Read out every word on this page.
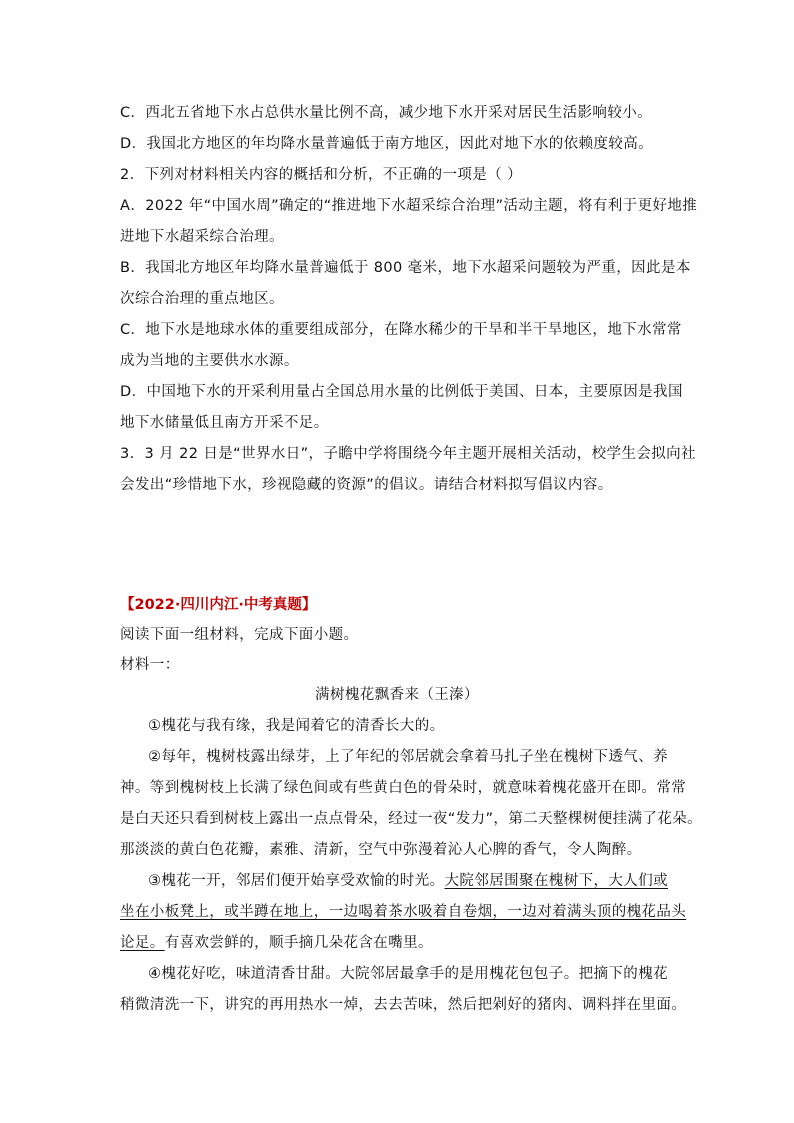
C．西北五省地下水占总供水量比例不高，减少地下水开采对居民生活影响较小。
D．我国北方地区的年均降水量普遍低于南方地区，因此对地下水的依赖度较高。
2．下列对材料相关内容的概括和分析，不正确的一项是（ ）
A．2022 年“中国水周”确定的“推进地下水超采综合治理”活动主题，将有利于更好地推
进地下水超采综合治理。
B．我国北方地区年均降水量普遍低于 800 毫米，地下水超采问题较为严重，因此是本
次综合治理的重点地区。
C．地下水是地球水体的重要组成部分，在降水稀少的干旱和半干旱地区，地下水常常
成为当地的主要供水水源。
D．中国地下水的开采利用量占全国总用水量的比例低于美国、日本，主要原因是我国
地下水储量低且南方开采不足。
3．3 月 22 日是“世界水日”，子瞻中学将围绕今年主题开展相关活动，校学生会拟向社
会发出“珍惜地下水，珍视隐藏的资源”的倡议。请结合材料拟写倡议内容。
【2022·四川内江·中考真题】
阅读下面一组材料，完成下面小题。
材料一：
满树槐花飘香来（王溱）
①槐花与我有缘，我是闻着它的清香长大的。
②每年，槐树枝露出绿芽，上了年纪的邻居就会拿着马扎子坐在槐树下透气、养
神。等到槐树枝上长满了绿色间或有些黄白色的骨朵时，就意味着槐花盛开在即。常常
是白天还只看到树枝上露出一点点骨朵，经过一夜“发力”，第二天整棵树便挂满了花朵。
那淡淡的黄白色花瓣，素雅、清新，空气中弥漫着沁人心脾的香气，令人陶醉。
③槐花一开，邻居们便开始享受欢愉的时光。大院邻居围聚在槐树下，大人们或
坐在小板凳上，或半蹲在地上，一边喝着茶水吸着自卷烟，一边对着满头顶的槐花品头
论足。有喜欢尝鲜的，顺手摘几朵花含在嘴里。
④槐花好吃，味道清香甘甜。大院邻居最拿手的是用槐花包包子。把摘下的槐花
稍微清洗一下，讲究的再用热水一焯，去去苦味，然后把剁好的猪肉、调料拌在里面。
